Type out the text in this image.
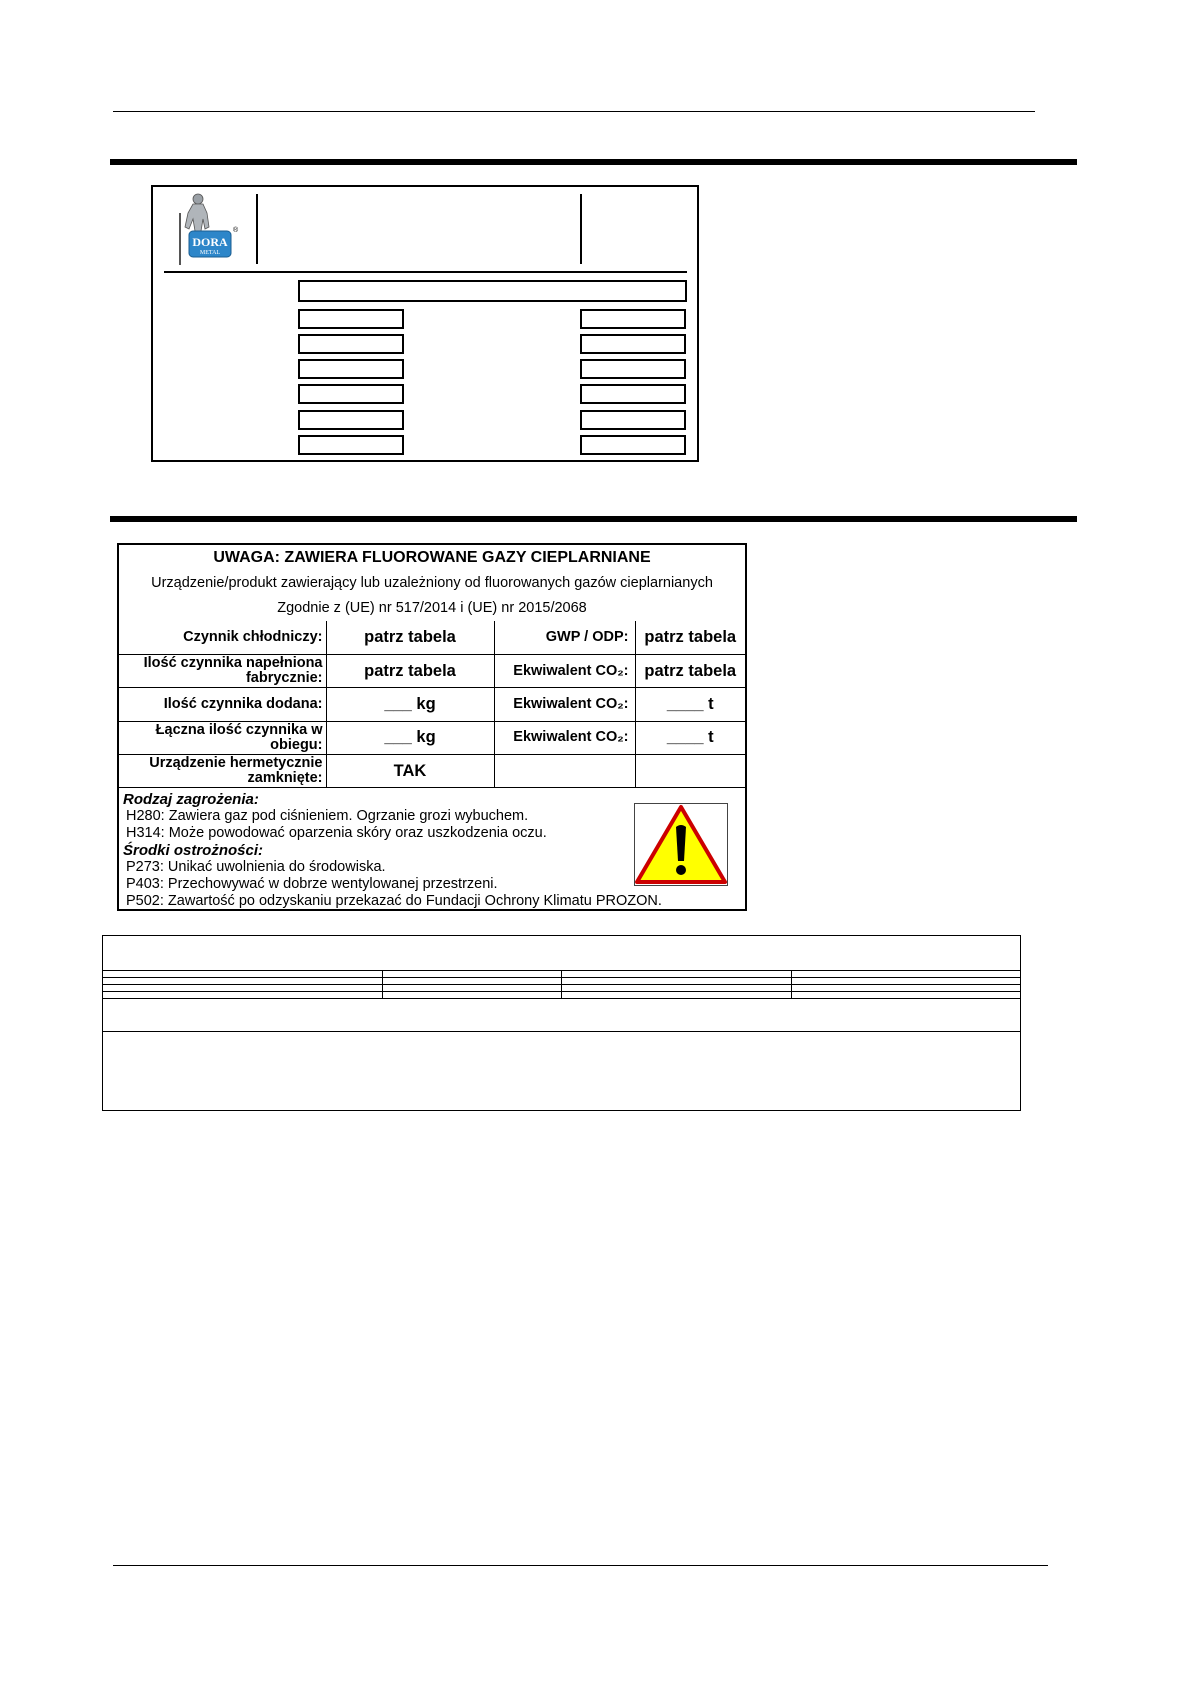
DORA
METAL
®
UWAGA: ZAWIERA FLUOROWANE GAZY CIEPLARNIANE
Urządzenie/produkt zawierający lub uzależniony od fluorowanych gazów cieplarnianych
Zgodnie z (UE) nr 517/2014 i (UE) nr 2015/2068
Czynnik chłodniczy:	patrz tabela	GWP / ODP:	patrz tabela
Ilość czynnika napełniona fabrycznie:	patrz tabela	Ekwiwalent CO₂:	patrz tabela
Ilość czynnika dodana:	___ kg	Ekwiwalent CO₂:	____ t
Łączna ilość czynnika w obiegu:	___ kg	Ekwiwalent CO₂:	____ t
Urządzenie hermetycznie zamknięte:	TAK		
Rodzaj zagrożenia:
H280: Zawiera gaz pod ciśnieniem. Ogrzanie grozi wybuchem.
H314: Może powodować oparzenia skóry oraz uszkodzenia oczu.
Środki ostrożności:
P273: Unikać uwolnienia do środowiska.
P403: Przechowywać w dobrze wentylowanej przestrzeni.
P502: Zawartość po odzyskaniu przekazać do Fundacji Ochrony Klimatu PROZON.
